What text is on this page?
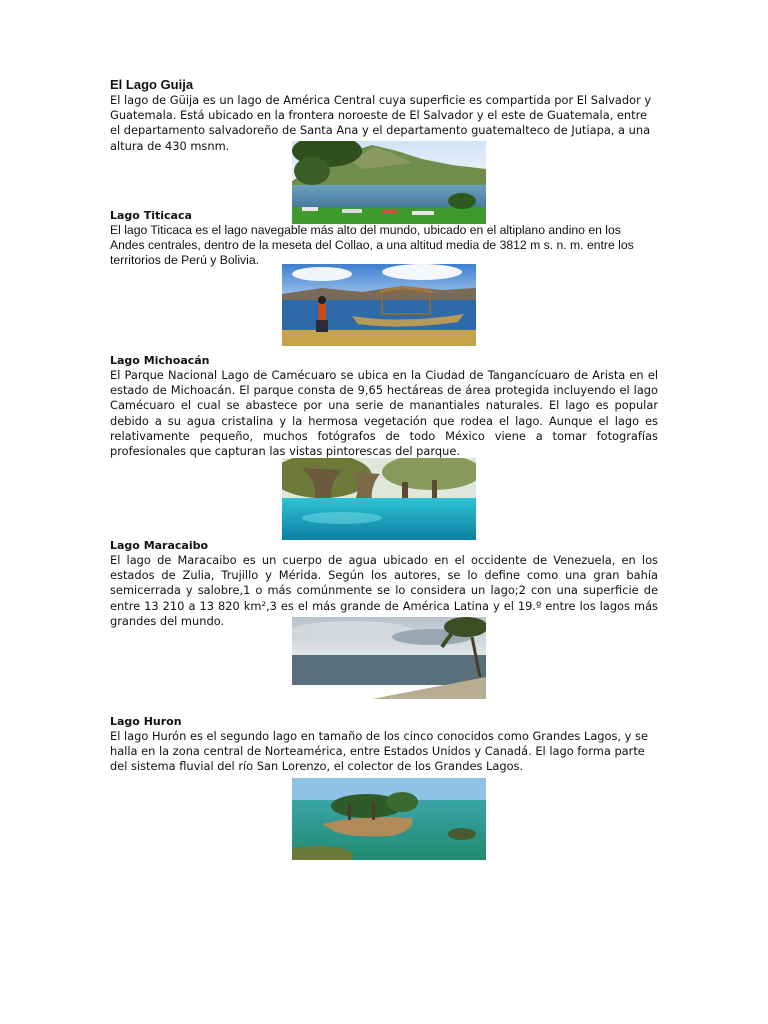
El Lago Guija

El lago de Güija es un lago de América Central cuya superficie es compartida por El Salvador y Guatemala. Está ubicado en la frontera noroeste de El Salvador y el este de Guatemala, entre el departamento salvadoreño de Santa Ana y el departamento guatemalteco de Jutiapa, a una altura de 430 msnm.

Lago Titicaca

El lago Titicaca es el lago navegable más alto del mundo, ubicado en el altiplano andino en los Andes centrales, dentro de la meseta del Collao, a una altitud media de 3812 m s. n. m. entre los territorios de Perú y Bolivia.

Lago Michoacán

El Parque Nacional Lago de Camécuaro se ubica en la Ciudad de Tangancícuaro de Arista en el estado de Michoacán. El parque consta de 9,65 hectáreas de área protegida incluyendo el lago Camécuaro el cual se abastece por una serie de manantiales naturales. El lago es popular debido a su agua cristalina y la hermosa vegetación que rodea el lago. Aunque el lago es relativamente pequeño, muchos fotógrafos de todo México viene a tomar fotografías profesionales que capturan las vistas pintorescas del parque.

Lago Maracaibo

El lago de Maracaibo es un cuerpo de agua ubicado en el occidente de Venezuela, en los estados de Zulia, Trujillo y Mérida. Según los autores, se lo define como una gran bahía semicerrada y salobre,1 o más comúnmente se lo considera un lago;2 con una superficie de entre 13 210 a 13 820 km²,3 es el más grande de América Latina y el 19.º entre los lagos más grandes del mundo.

Lago Huron

El lago Hurón es el segundo lago en tamaño de los cinco conocidos como Grandes Lagos, y se halla en la zona central de Norteamérica, entre Estados Unidos y Canadá. El lago forma parte del sistema fluvial del río San Lorenzo, el colector de los Grandes Lagos.
